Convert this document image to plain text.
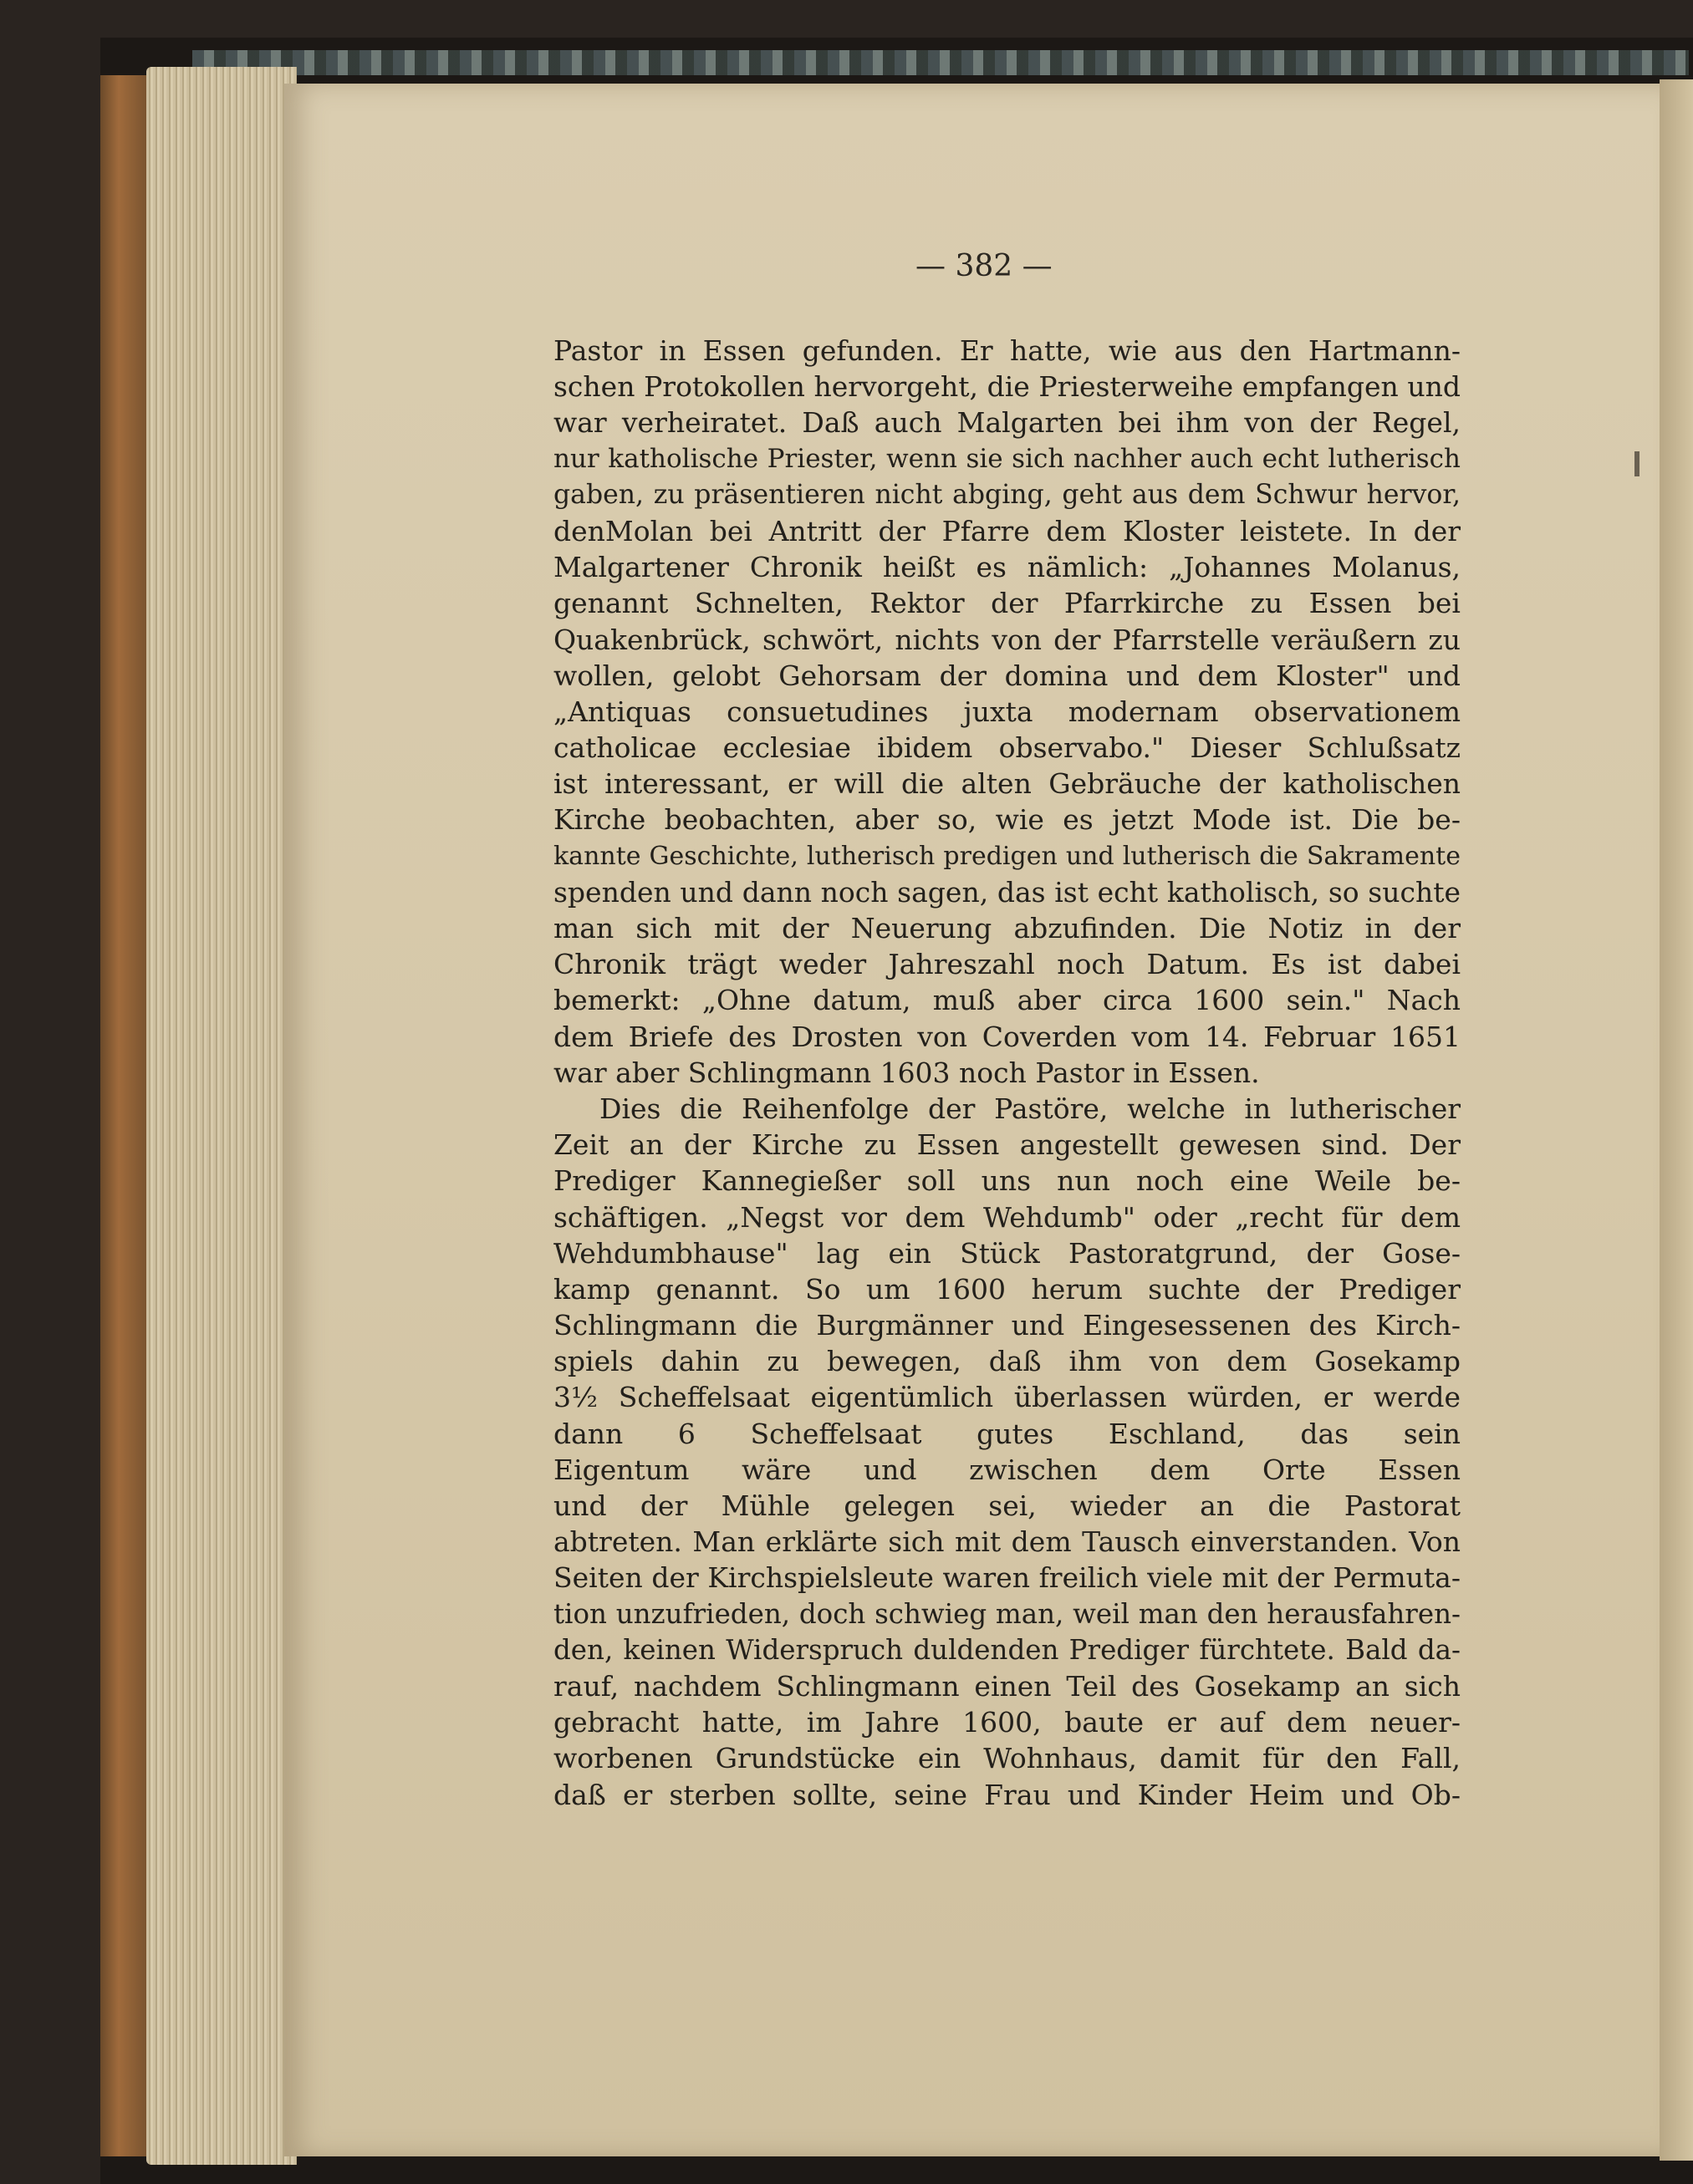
— 382 —
Pastor in Essen gefunden. Er hatte, wie aus den Hartmann-
schen Protokollen hervorgeht, die Priesterweihe empfangen und
war verheiratet. Daß auch Malgarten bei ihm von der Regel,
nur katholische Priester, wenn sie sich nachher auch echt lutherisch
gaben, zu präsentieren nicht abging, geht aus dem Schwur hervor,
denMolan bei Antritt der Pfarre dem Kloster leistete. In der
Malgartener Chronik heißt es nämlich: „Johannes Molanus,
genannt Schnelten, Rektor der Pfarrkirche zu Essen bei
Quakenbrück, schwört, nichts von der Pfarrstelle veräußern zu
wollen, gelobt Gehorsam der domina und dem Kloster" und
„Antiquas consuetudines juxta modernam observationem
catholicae ecclesiae ibidem observabo." Dieser Schlußsatz
ist interessant, er will die alten Gebräuche der katholischen
Kirche beobachten, aber so, wie es jetzt Mode ist. Die be-
kannte Geschichte, lutherisch predigen und lutherisch die Sakramente
spenden und dann noch sagen, das ist echt katholisch, so suchte
man sich mit der Neuerung abzufinden. Die Notiz in der
Chronik trägt weder Jahreszahl noch Datum. Es ist dabei
bemerkt: „Ohne datum, muß aber circa 1600 sein." Nach
dem Briefe des Drosten von Coverden vom 14. Februar 1651
war aber Schlingmann 1603 noch Pastor in Essen.
Dies die Reihenfolge der Pastöre, welche in lutherischer
Zeit an der Kirche zu Essen angestellt gewesen sind. Der
Prediger Kannegießer soll uns nun noch eine Weile be-
schäftigen. „Negst vor dem Wehdumb" oder „recht für dem
Wehdumbhause" lag ein Stück Pastoratgrund, der Gose-
kamp genannt. So um 1600 herum suchte der Prediger
Schlingmann die Burgmänner und Eingesessenen des Kirch-
spiels dahin zu bewegen, daß ihm von dem Gosekamp
3½ Scheffelsaat eigentümlich überlassen würden, er werde
dann 6 Scheffelsaat gutes Eschland, das sein
Eigentum wäre und zwischen dem Orte Essen
und der Mühle gelegen sei, wieder an die Pastorat
abtreten. Man erklärte sich mit dem Tausch einverstanden. Von
Seiten der Kirchspielsleute waren freilich viele mit der Permuta-
tion unzufrieden, doch schwieg man, weil man den herausfahren-
den, keinen Widerspruch duldenden Prediger fürchtete. Bald da-
rauf, nachdem Schlingmann einen Teil des Gosekamp an sich
gebracht hatte, im Jahre 1600, baute er auf dem neuer-
worbenen Grundstücke ein Wohnhaus, damit für den Fall,
daß er sterben sollte, seine Frau und Kinder Heim und Ob-
